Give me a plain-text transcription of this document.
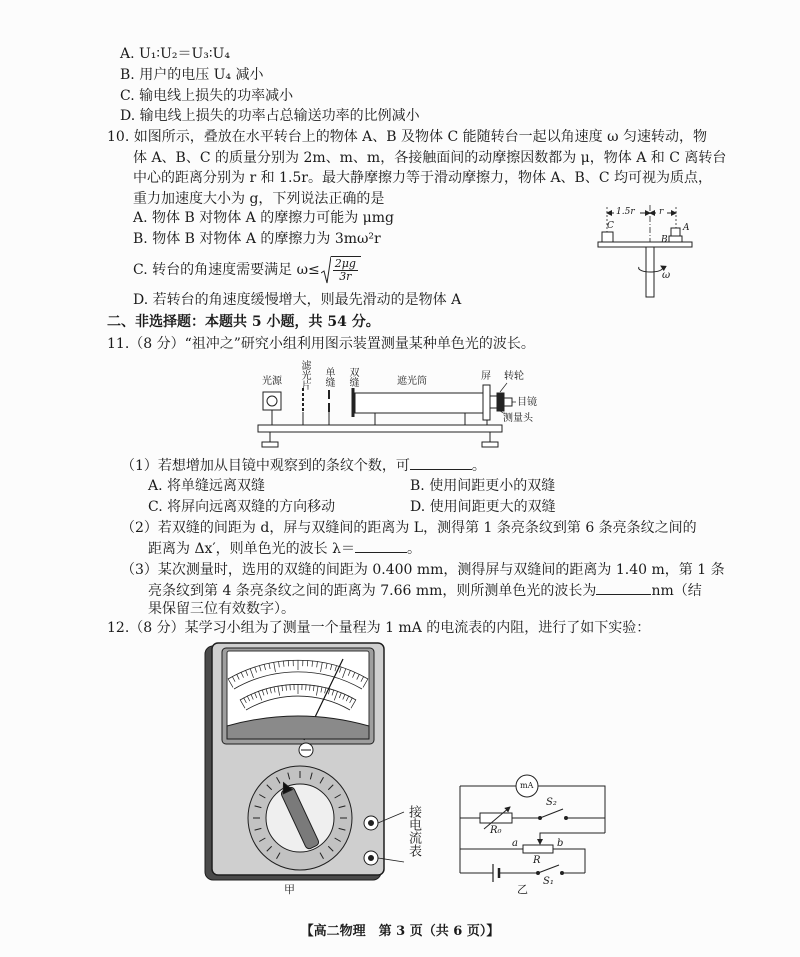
A. U₁∶U₂＝U₃∶U₄
B. 用户的电压 U₄ 减小
C. 输电线上损失的功率减小
D. 输电线上损失的功率占总输送功率的比例减小
10. 如图所示，叠放在水平转台上的物体 A、B 及物体 C 能随转台一起以角速度 ω 匀速转动，物
体 A、B、C 的质量分别为 2m、m、m，各接触面间的动摩擦因数都为 μ，物体 A 和 C 离转台
中心的距离分别为 r 和 1.5r。最大静摩擦力等于滑动摩擦力，物体 A、B、C 均可视为质点，
重力加速度大小为 g，下列说法正确的是
A. 物体 B 对物体 A 的摩擦力可能为 μmg
B. 物体 B 对物体 A 的摩擦力为 3mω²r
C. 转台的角速度需要满足 $\omega\le \frac{2\mu g}{3r}$
D. 若转台的角速度缓慢增大，则最先滑动的是物体 A
1.5r	r
C
B
A
ω
二、非选择题：本题共 5 小题，共 54 分。
11.（8 分）“祖冲之”研究小组利用图示装置测量某种单色光的波长。
光源 滤光片 单缝 双缝	遮光筒	屏 转轮
目镜
测量头
（1）若想增加从目镜中观察到的条纹个数，可	。
A. 将单缝远离双缝	B. 使用间距更小的双缝
C. 将屏向远离双缝的方向移动	D. 使用间距更大的双缝
（2）若双缝的间距为 d，屏与双缝间的距离为 L，测得第 1 条亮条纹到第 6 条亮条纹之间的
距离为 Δx′，则单色光的波长 λ＝	。
（3）某次测量时，选用的双缝的间距为 0.400 mm，测得屏与双缝间的距离为 1.40 m，第 1 条
亮条纹到第 4 条亮条纹之间的距离为 7.66 mm，则所测单色光的波长为	nm（结
果保留三位有效数字）。
12.（8 分）某学习小组为了测量一个量程为 1 mA 的电流表的内阻，进行了如下实验：
接电流表
甲	乙
mA
R₀
S₂
a
R
b
S₁
【高二物理　第 3 页（共 6 页）】
